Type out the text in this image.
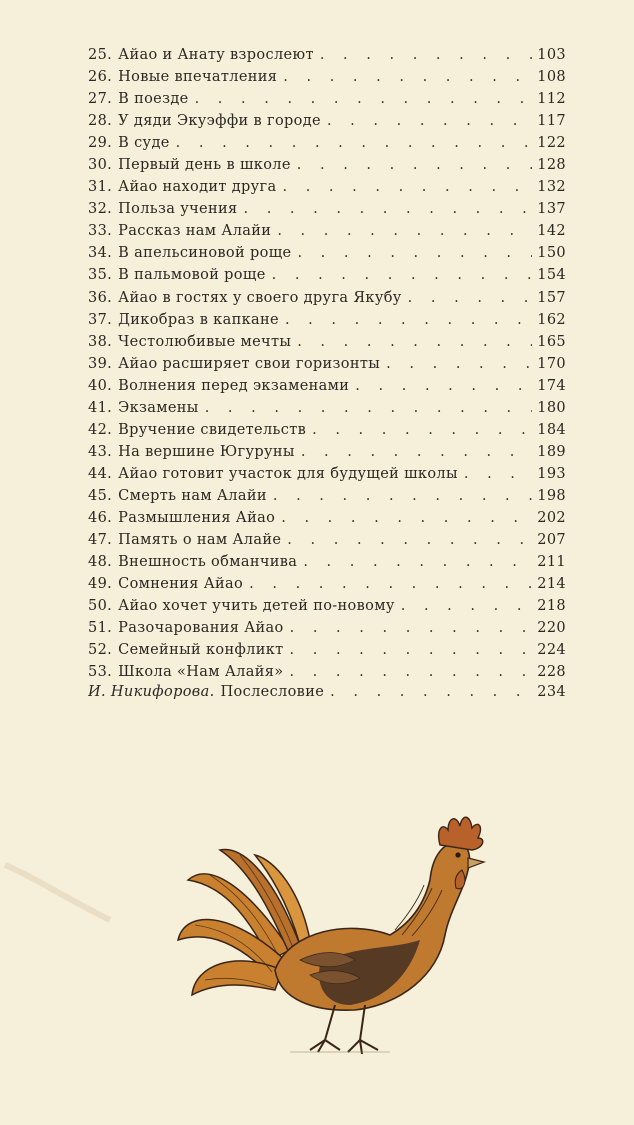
25. Айао и Анату взрослеют . . .	103
26. Новые впечатления . . .	108
27. В поезде . . .	112
28. У дяди Экуэффи в городе . . .	117
29. В суде . . .	122
30. Первый день в школе . . .	128
31. Айао находит друга . . .	132
32. Польза учения . . .	137
33. Рассказ нам Алайи . . .	142
34. В апельсиновой роще . . .	150
35. В пальмовой роще . . .	154
36. Айао в гостях у своего друга Якубу . . .	157
37. Дикобраз в капкане . . .	162
38. Честолюбивые мечты . . .	165
39. Айао расширяет свои горизонты . . .	170
40. Волнения перед экзаменами . . .	174
41. Экзамены . . .	180
42. Вручение свидетельств . . .	184
43. На вершине Югуруны . . .	189
44. Айао готовит участок для будущей школы . . .	193
45. Смерть нам Алайи . . .	198
46. Размышления Айао . . .	202
47. Память о нам Алайе . . .	207
48. Внешность обманчива . . .	211
49. Сомнения Айао . . .	214
50. Айао хочет учить детей по-новому . . .	218
51. Разочарования Айао . . .	220
52. Семейный конфликт . . .	224
53. Школа «Нам Алайя» . . .	228
И. Никифорова. Послесловие . . .	234
